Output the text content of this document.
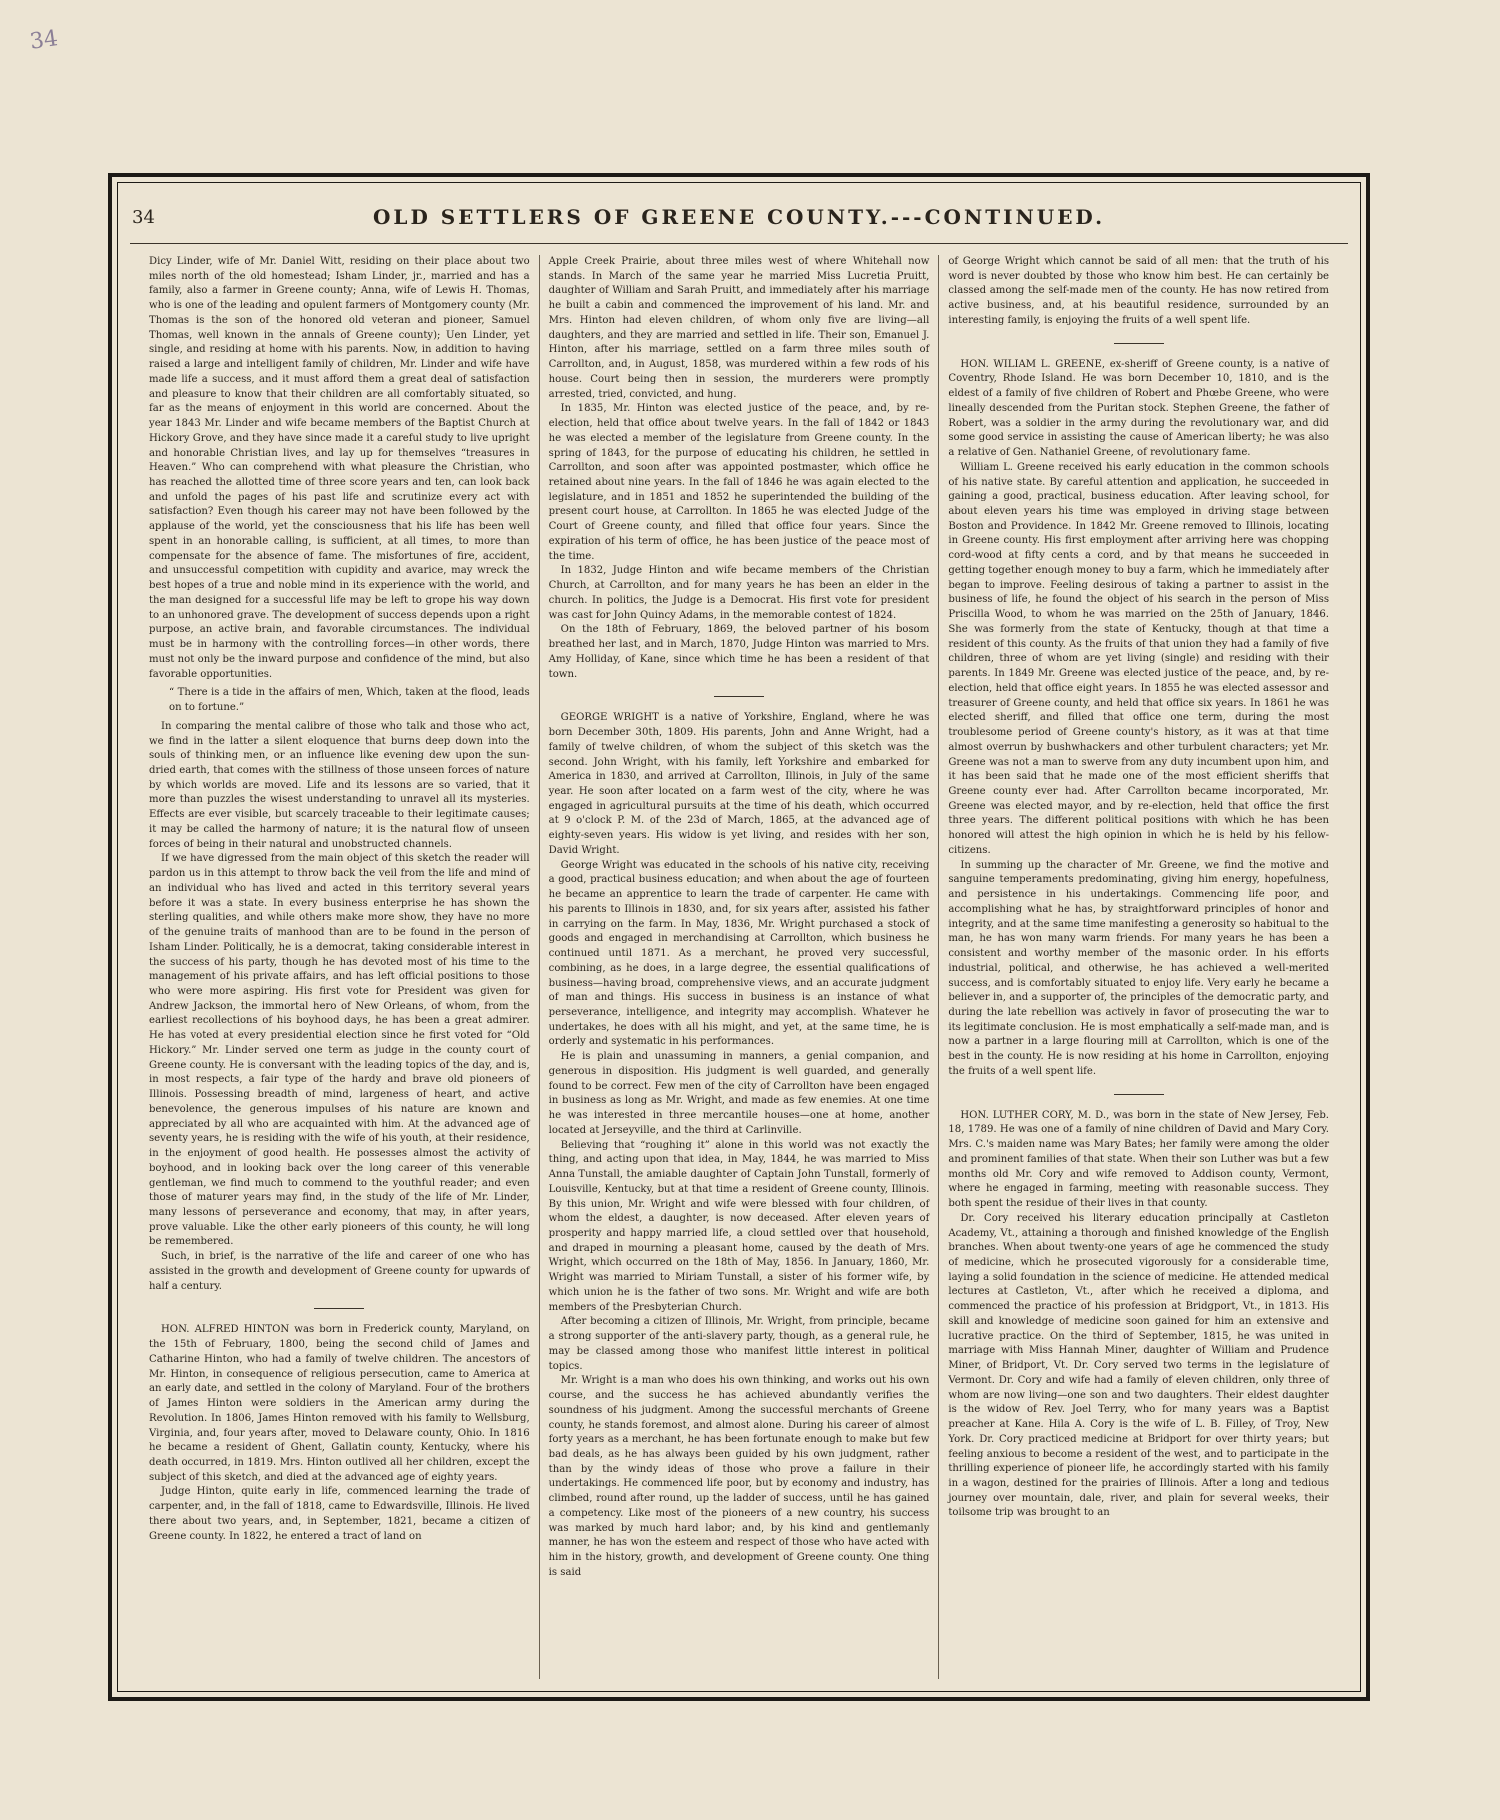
34
34	OLD SETTLERS OF GREENE COUNTY.---CONTINUED.

Dicy Linder, wife of Mr. Daniel Witt, residing on their place about two miles north of the old homestead; Isham Linder, jr., married and has a family, also a farmer in Greene county; Anna, wife of Lewis H. Thomas, who is one of the leading and opulent farmers of Montgomery county (Mr. Thomas is the son of the honored old veteran and pioneer, Samuel Thomas, well known in the annals of Greene county); Uen Linder, yet single, and residing at home with his parents. Now, in addition to having raised a large and intelligent family of children, Mr. Linder and wife have made life a success, and it must afford them a great deal of satisfaction and pleasure to know that their children are all comfortably situated, so far as the means of enjoyment in this world are concerned. About the year 1843 Mr. Linder and wife became members of the Baptist Church at Hickory Grove, and they have since made it a careful study to live upright and honorable Christian lives, and lay up for themselves “treasures in Heaven.” Who can comprehend with what pleasure the Christian, who has reached the allotted time of three score years and ten, can look back and unfold the pages of his past life and scrutinize every act with satisfaction? Even though his career may not have been followed by the applause of the world, yet the consciousness that his life has been well spent in an honorable calling, is sufficient, at all times, to more than compensate for the absence of fame. The misfortunes of fire, accident, and unsuccessful competition with cupidity and avarice, may wreck the best hopes of a true and noble mind in its experience with the world, and the man designed for a successful life may be left to grope his way down to an unhonored grave. The development of success depends upon a right purpose, an active brain, and favorable circumstances. The individual must be in harmony with the controlling forces—in other words, there must not only be the inward purpose and confidence of the mind, but also favorable opportunities.

“ There is a tide in the affairs of men, Which, taken at the flood, leads on to fortune.”

In comparing the mental calibre of those who talk and those who act, we find in the latter a silent eloquence that burns deep down into the souls of thinking men, or an influence like evening dew upon the sun-dried earth, that comes with the stillness of those unseen forces of nature by which worlds are moved. Life and its lessons are so varied, that it more than puzzles the wisest understanding to unravel all its mysteries. Effects are ever visible, but scarcely traceable to their legitimate causes; it may be called the harmony of nature; it is the natural flow of unseen forces of being in their natural and unobstructed channels.

If we have digressed from the main object of this sketch the reader will pardon us in this attempt to throw back the veil from the life and mind of an individual who has lived and acted in this territory several years before it was a state. In every business enterprise he has shown the sterling qualities, and while others make more show, they have no more of the genuine traits of manhood than are to be found in the person of Isham Linder. Politically, he is a democrat, taking considerable interest in the success of his party, though he has devoted most of his time to the management of his private affairs, and has left official positions to those who were more aspiring. His first vote for President was given for Andrew Jackson, the immortal hero of New Orleans, of whom, from the earliest recollections of his boyhood days, he has been a great admirer. He has voted at every presidential election since he first voted for “Old Hickory.” Mr. Linder served one term as judge in the county court of Greene county. He is conversant with the leading topics of the day, and is, in most respects, a fair type of the hardy and brave old pioneers of Illinois. Possessing breadth of mind, largeness of heart, and active benevolence, the generous impulses of his nature are known and appreciated by all who are acquainted with him. At the advanced age of seventy years, he is residing with the wife of his youth, at their residence, in the enjoyment of good health. He possesses almost the activity of boyhood, and in looking back over the long career of this venerable gentleman, we find much to commend to the youthful reader; and even those of maturer years may find, in the study of the life of Mr. Linder, many lessons of perseverance and economy, that may, in after years, prove valuable. Like the other early pioneers of this county, he will long be remembered.

Such, in brief, is the narrative of the life and career of one who has assisted in the growth and development of Greene county for upwards of half a century.

HON. ALFRED HINTON was born in Frederick county, Maryland, on the 15th of February, 1800, being the second child of James and Catharine Hinton, who had a family of twelve children. The ancestors of Mr. Hinton, in consequence of religious persecution, came to America at an early date, and settled in the colony of Maryland. Four of the brothers of James Hinton were soldiers in the American army during the Revolution. In 1806, James Hinton removed with his family to Wellsburg, Virginia, and, four years after, moved to Delaware county, Ohio. In 1816 he became a resident of Ghent, Gallatin county, Kentucky, where his death occurred, in 1819. Mrs. Hinton outlived all her children, except the subject of this sketch, and died at the advanced age of eighty years.

Judge Hinton, quite early in life, commenced learning the trade of carpenter, and, in the fall of 1818, came to Edwardsville, Illinois. He lived there about two years, and, in September, 1821, became a citizen of Greene county. In 1822, he entered a tract of land on

Apple Creek Prairie, about three miles west of where Whitehall now stands. In March of the same year he married Miss Lucretia Pruitt, daughter of William and Sarah Pruitt, and immediately after his marriage he built a cabin and commenced the improvement of his land. Mr. and Mrs. Hinton had eleven children, of whom only five are living—all daughters, and they are married and settled in life. Their son, Emanuel J. Hinton, after his marriage, settled on a farm three miles south of Carrollton, and, in August, 1858, was murdered within a few rods of his house. Court being then in session, the murderers were promptly arrested, tried, convicted, and hung.

In 1835, Mr. Hinton was elected justice of the peace, and, by re-election, held that office about twelve years. In the fall of 1842 or 1843 he was elected a member of the legislature from Greene county. In the spring of 1843, for the purpose of educating his children, he settled in Carrollton, and soon after was appointed postmaster, which office he retained about nine years. In the fall of 1846 he was again elected to the legislature, and in 1851 and 1852 he superintended the building of the present court house, at Carrollton. In 1865 he was elected Judge of the Court of Greene county, and filled that office four years. Since the expiration of his term of office, he has been justice of the peace most of the time.

In 1832, Judge Hinton and wife became members of the Christian Church, at Carrollton, and for many years he has been an elder in the church. In politics, the Judge is a Democrat. His first vote for president was cast for John Quincy Adams, in the memorable contest of 1824.

On the 18th of February, 1869, the beloved partner of his bosom breathed her last, and in March, 1870, Judge Hinton was married to Mrs. Amy Holliday, of Kane, since which time he has been a resident of that town.

GEORGE WRIGHT is a native of Yorkshire, England, where he was born December 30th, 1809. His parents, John and Anne Wright, had a family of twelve children, of whom the subject of this sketch was the second. John Wright, with his family, left Yorkshire and embarked for America in 1830, and arrived at Carrollton, Illinois, in July of the same year. He soon after located on a farm west of the city, where he was engaged in agricultural pursuits at the time of his death, which occurred at 9 o'clock P. M. of the 23d of March, 1865, at the advanced age of eighty-seven years. His widow is yet living, and resides with her son, David Wright.

George Wright was educated in the schools of his native city, receiving a good, practical business education; and when about the age of fourteen he became an apprentice to learn the trade of carpenter. He came with his parents to Illinois in 1830, and, for six years after, assisted his father in carrying on the farm. In May, 1836, Mr. Wright purchased a stock of goods and engaged in merchandising at Carrollton, which business he continued until 1871. As a merchant, he proved very successful, combining, as he does, in a large degree, the essential qualifications of business—having broad, comprehensive views, and an accurate judgment of man and things. His success in business is an instance of what perseverance, intelligence, and integrity may accomplish. Whatever he undertakes, he does with all his might, and yet, at the same time, he is orderly and systematic in his performances.

He is plain and unassuming in manners, a genial companion, and generous in disposition. His judgment is well guarded, and generally found to be correct. Few men of the city of Carrollton have been engaged in business as long as Mr. Wright, and made as few enemies. At one time he was interested in three mercantile houses—one at home, another located at Jerseyville, and the third at Carlinville.

Believing that “roughing it” alone in this world was not exactly the thing, and acting upon that idea, in May, 1844, he was married to Miss Anna Tunstall, the amiable daughter of Captain John Tunstall, formerly of Louisville, Kentucky, but at that time a resident of Greene county, Illinois. By this union, Mr. Wright and wife were blessed with four children, of whom the eldest, a daughter, is now deceased. After eleven years of prosperity and happy married life, a cloud settled over that household, and draped in mourning a pleasant home, caused by the death of Mrs. Wright, which occurred on the 18th of May, 1856. In January, 1860, Mr. Wright was married to Miriam Tunstall, a sister of his former wife, by which union he is the father of two sons. Mr. Wright and wife are both members of the Presbyterian Church.

After becoming a citizen of Illinois, Mr. Wright, from principle, became a strong supporter of the anti-slavery party, though, as a general rule, he may be classed among those who manifest little interest in political topics.

Mr. Wright is a man who does his own thinking, and works out his own course, and the success he has achieved abundantly verifies the soundness of his judgment. Among the successful merchants of Greene county, he stands foremost, and almost alone. During his career of almost forty years as a merchant, he has been fortunate enough to make but few bad deals, as he has always been guided by his own judgment, rather than by the windy ideas of those who prove a failure in their undertakings. He commenced life poor, but by economy and industry, has climbed, round after round, up the ladder of success, until he has gained a competency. Like most of the pioneers of a new country, his success was marked by much hard labor; and, by his kind and gentlemanly manner, he has won the esteem and respect of those who have acted with him in the history, growth, and development of Greene county. One thing is said

of George Wright which cannot be said of all men: that the truth of his word is never doubted by those who know him best. He can certainly be classed among the self-made men of the county. He has now retired from active business, and, at his beautiful residence, surrounded by an interesting family, is enjoying the fruits of a well spent life.

HON. WILIAM L. GREENE, ex-sheriff of Greene county, is a native of Coventry, Rhode Island. He was born December 10, 1810, and is the eldest of a family of five children of Robert and Phœbe Greene, who were lineally descended from the Puritan stock. Stephen Greene, the father of Robert, was a soldier in the army during the revolutionary war, and did some good service in assisting the cause of American liberty; he was also a relative of Gen. Nathaniel Greene, of revolutionary fame.

William L. Greene received his early education in the common schools of his native state. By careful attention and application, he succeeded in gaining a good, practical, business education. After leaving school, for about eleven years his time was employed in driving stage between Boston and Providence. In 1842 Mr. Greene removed to Illinois, locating in Greene county. His first employment after arriving here was chopping cord-wood at fifty cents a cord, and by that means he succeeded in getting together enough money to buy a farm, which he immediately after began to improve. Feeling desirous of taking a partner to assist in the business of life, he found the object of his search in the person of Miss Priscilla Wood, to whom he was married on the 25th of January, 1846. She was formerly from the state of Kentucky, though at that time a resident of this county. As the fruits of that union they had a family of five children, three of whom are yet living (single) and residing with their parents. In 1849 Mr. Greene was elected justice of the peace, and, by re-election, held that office eight years. In 1855 he was elected assessor and treasurer of Greene county, and held that office six years. In 1861 he was elected sheriff, and filled that office one term, during the most troublesome period of Greene county's history, as it was at that time almost overrun by bushwhackers and other turbulent characters; yet Mr. Greene was not a man to swerve from any duty incumbent upon him, and it has been said that he made one of the most efficient sheriffs that Greene county ever had. After Carrollton became incorporated, Mr. Greene was elected mayor, and by re-election, held that office the first three years. The different political positions with which he has been honored will attest the high opinion in which he is held by his fellow-citizens.

In summing up the character of Mr. Greene, we find the motive and sanguine temperaments predominating, giving him energy, hopefulness, and persistence in his undertakings. Commencing life poor, and accomplishing what he has, by straightforward principles of honor and integrity, and at the same time manifesting a generosity so habitual to the man, he has won many warm friends. For many years he has been a consistent and worthy member of the masonic order. In his efforts industrial, political, and otherwise, he has achieved a well-merited success, and is comfortably situated to enjoy life. Very early he became a believer in, and a supporter of, the principles of the democratic party, and during the late rebellion was actively in favor of prosecuting the war to its legitimate conclusion. He is most emphatically a self-made man, and is now a partner in a large flouring mill at Carrollton, which is one of the best in the county. He is now residing at his home in Carrollton, enjoying the fruits of a well spent life.

HON. LUTHER CORY, M. D., was born in the state of New Jersey, Feb. 18, 1789. He was one of a family of nine children of David and Mary Cory. Mrs. C.'s maiden name was Mary Bates; her family were among the older and prominent families of that state. When their son Luther was but a few months old Mr. Cory and wife removed to Addison county, Vermont, where he engaged in farming, meeting with reasonable success. They both spent the residue of their lives in that county.

Dr. Cory received his literary education principally at Castleton Academy, Vt., attaining a thorough and finished knowledge of the English branches. When about twenty-one years of age he commenced the study of medicine, which he prosecuted vigorously for a considerable time, laying a solid foundation in the science of medicine. He attended medical lectures at Castleton, Vt., after which he received a diploma, and commenced the practice of his profession at Bridgport, Vt., in 1813. His skill and knowledge of medicine soon gained for him an extensive and lucrative practice. On the third of September, 1815, he was united in marriage with Miss Hannah Miner, daughter of William and Prudence Miner, of Bridport, Vt. Dr. Cory served two terms in the legislature of Vermont. Dr. Cory and wife had a family of eleven children, only three of whom are now living—one son and two daughters. Their eldest daughter is the widow of Rev. Joel Terry, who for many years was a Baptist preacher at Kane. Hila A. Cory is the wife of L. B. Filley, of Troy, New York. Dr. Cory practiced medicine at Bridport for over thirty years; but feeling anxious to become a resident of the west, and to participate in the thrilling experience of pioneer life, he accordingly started with his family in a wagon, destined for the prairies of Illinois. After a long and tedious journey over mountain, dale, river, and plain for several weeks, their toilsome trip was brought to an
